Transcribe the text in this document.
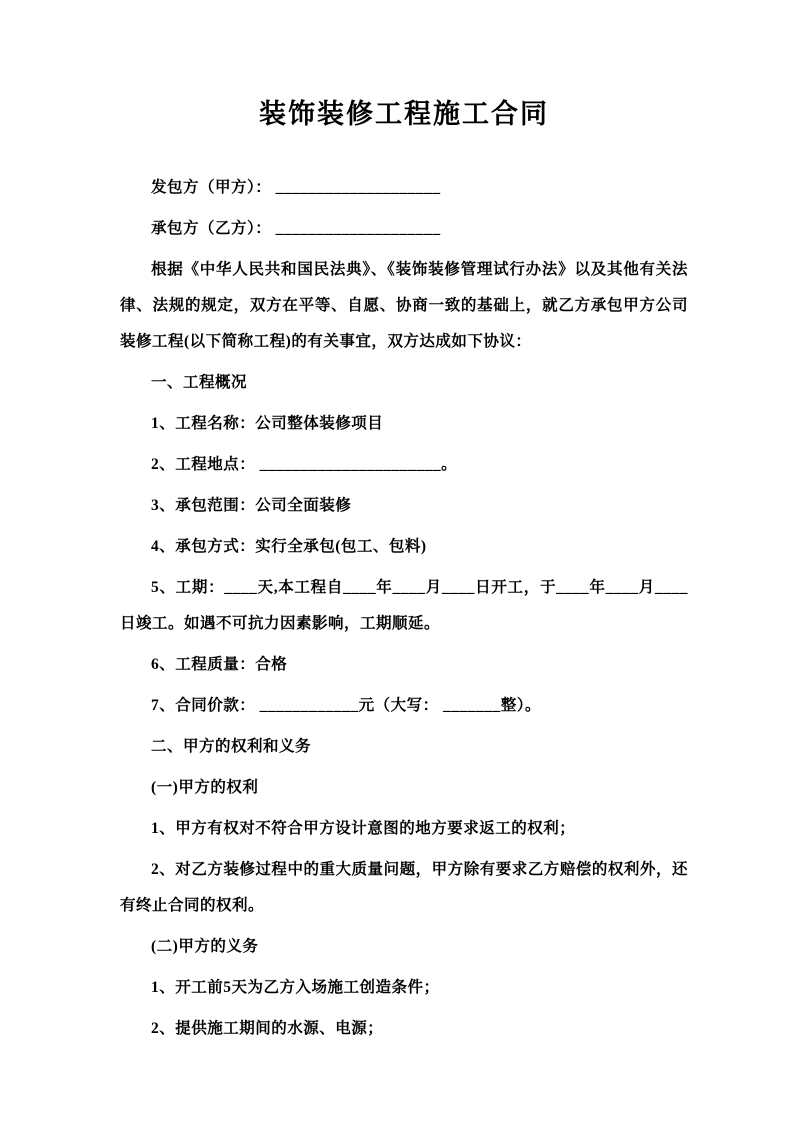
装饰装修工程施工合同

发包方（甲方）： ____________________

承包方（乙方）： ____________________

根据《中华人民共和国民法典》、《装饰装修管理试行办法》以及其他有关法律、法规的规定，双方在平等、自愿、协商一致的基础上，就乙方承包甲方公司装修工程(以下简称工程)的有关事宜，双方达成如下协议：

一、工程概况

1、工程名称：公司整体装修项目

2、工程地点： ______________________。

3、承包范围：公司全面装修

4、承包方式：实行全承包(包工、包料)

5、工期：____天,本工程自____年____月____日开工，于____年____月____日竣工。如遇不可抗力因素影响，工期顺延。

6、工程质量：合格

7、合同价款： ____________元（大写： _______整）。

二、甲方的权利和义务

(一)甲方的权利

1、甲方有权对不符合甲方设计意图的地方要求返工的权利；

2、对乙方装修过程中的重大质量问题，甲方除有要求乙方赔偿的权利外，还有终止合同的权利。

(二)甲方的义务

1、开工前5天为乙方入场施工创造条件；

2、提供施工期间的水源、电源；
